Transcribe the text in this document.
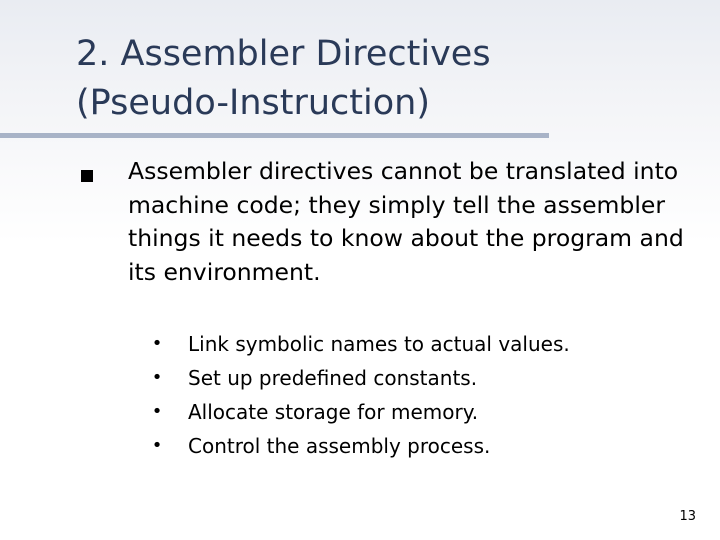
2. Assembler Directives
(Pseudo-Instruction)

Assembler directives cannot be translated into machine code; they simply tell the assembler things it needs to know about the program and its environment.

• Link symbolic names to actual values.
• Set up predefined constants.
• Allocate storage for memory.
• Control the assembly process.
13
